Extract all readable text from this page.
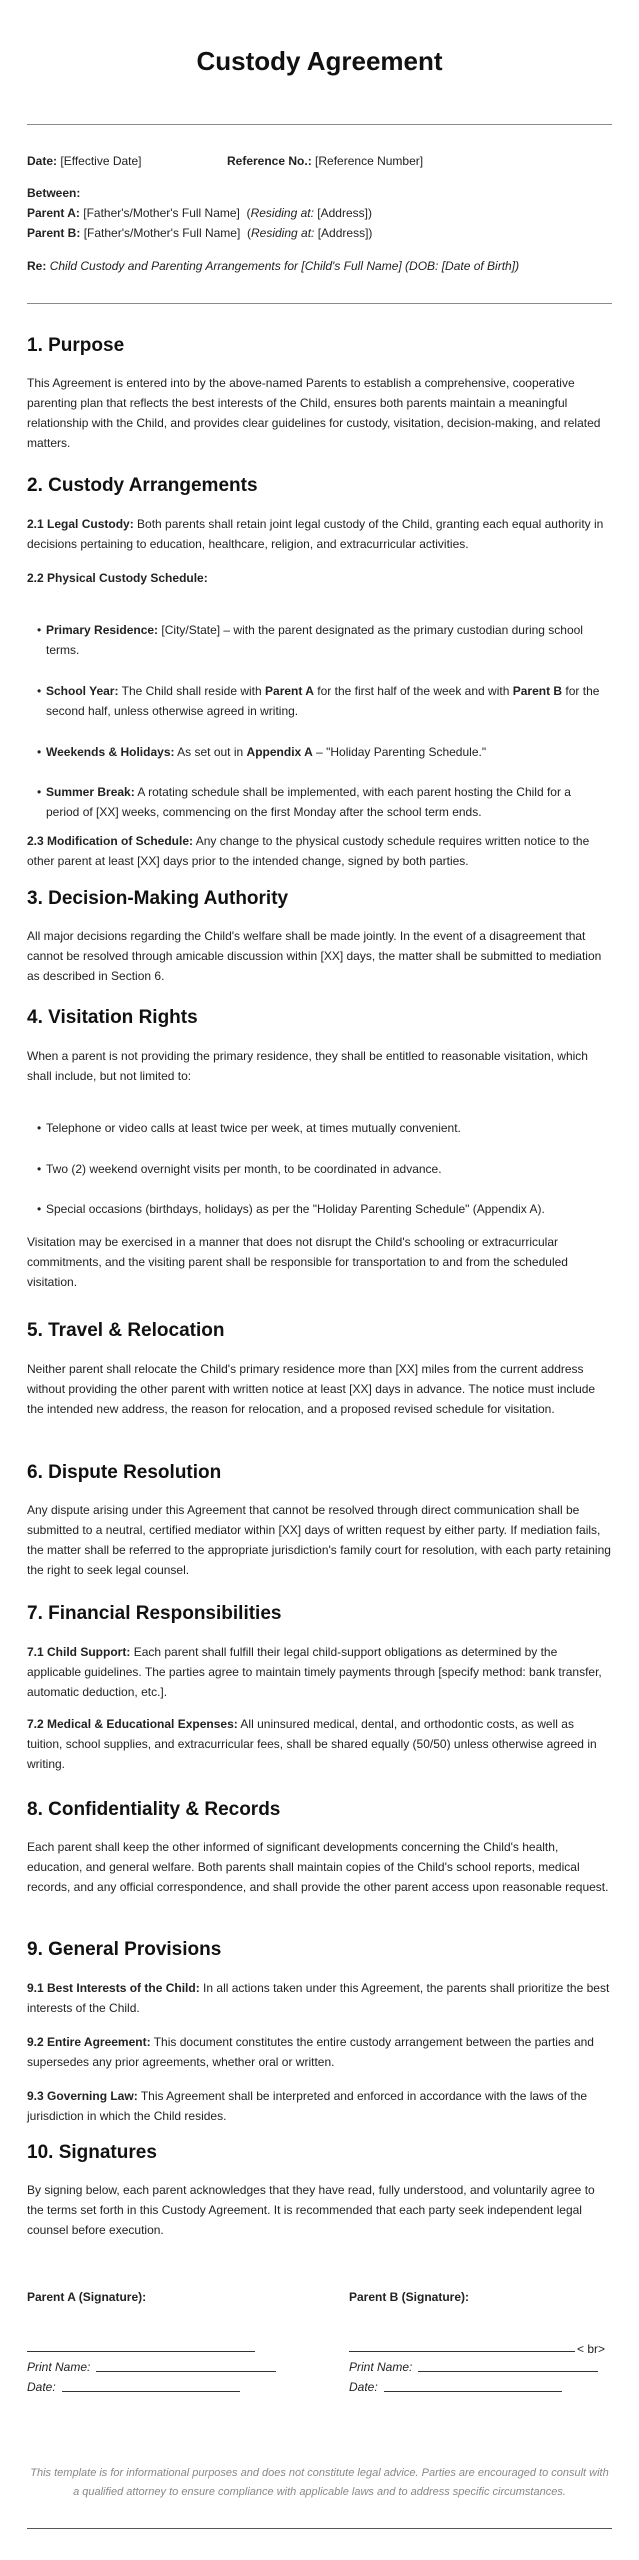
Custody Agreement
Date: [Effective Date]	Reference No.: [Reference Number]
Between:
Parent A: [Father's/Mother's Full Name]  (Residing at: [Address])
Parent B: [Father's/Mother's Full Name]  (Residing at: [Address])
Re: Child Custody and Parenting Arrangements for [Child's Full Name] (DOB: [Date of Birth])
1. Purpose
This Agreement is entered into by the above-named Parents to establish a comprehensive, cooperative parenting plan that reflects the best interests of the Child, ensures both parents maintain a meaningful relationship with the Child, and provides clear guidelines for custody, visitation, decision-making, and related matters.
2. Custody Arrangements
2.1 Legal Custody: Both parents shall retain joint legal custody of the Child, granting each equal authority in decisions pertaining to education, healthcare, religion, and extracurricular activities.
2.2 Physical Custody Schedule:
• Primary Residence: [City/State] – with the parent designated as the primary custodian during school terms.
• School Year: The Child shall reside with Parent A for the first half of the week and with Parent B for the second half, unless otherwise agreed in writing.
• Weekends & Holidays: As set out in Appendix A – "Holiday Parenting Schedule."
• Summer Break: A rotating schedule shall be implemented, with each parent hosting the Child for a period of [XX] weeks, commencing on the first Monday after the school term ends.
2.3 Modification of Schedule: Any change to the physical custody schedule requires written notice to the other parent at least [XX] days prior to the intended change, signed by both parties.
3. Decision-Making Authority
All major decisions regarding the Child's welfare shall be made jointly. In the event of a disagreement that cannot be resolved through amicable discussion within [XX] days, the matter shall be submitted to mediation as described in Section 6.
4. Visitation Rights
When a parent is not providing the primary residence, they shall be entitled to reasonable visitation, which shall include, but not limited to:
• Telephone or video calls at least twice per week, at times mutually convenient.
• Two (2) weekend overnight visits per month, to be coordinated in advance.
• Special occasions (birthdays, holidays) as per the "Holiday Parenting Schedule" (Appendix A).
Visitation may be exercised in a manner that does not disrupt the Child's schooling or extracurricular commitments, and the visiting parent shall be responsible for transportation to and from the scheduled visitation.
5. Travel & Relocation
Neither parent shall relocate the Child's primary residence more than [XX] miles from the current address without providing the other parent with written notice at least [XX] days in advance. The notice must include the intended new address, the reason for relocation, and a proposed revised schedule for visitation.
6. Dispute Resolution
Any dispute arising under this Agreement that cannot be resolved through direct communication shall be submitted to a neutral, certified mediator within [XX] days of written request by either party. If mediation fails, the matter shall be referred to the appropriate jurisdiction's family court for resolution, with each party retaining the right to seek legal counsel.
7. Financial Responsibilities
7.1 Child Support: Each parent shall fulfill their legal child-support obligations as determined by the applicable guidelines. The parties agree to maintain timely payments through [specify method: bank transfer, automatic deduction, etc.].
7.2 Medical & Educational Expenses: All uninsured medical, dental, and orthodontic costs, as well as tuition, school supplies, and extracurricular fees, shall be shared equally (50/50) unless otherwise agreed in writing.
8. Confidentiality & Records
Each parent shall keep the other informed of significant developments concerning the Child's health, education, and general welfare. Both parents shall maintain copies of the Child's school reports, medical records, and any official correspondence, and shall provide the other parent access upon reasonable request.
9. General Provisions
9.1 Best Interests of the Child: In all actions taken under this Agreement, the parents shall prioritize the best interests of the Child.
9.2 Entire Agreement: This document constitutes the entire custody arrangement between the parties and supersedes any prior agreements, whether oral or written.
9.3 Governing Law: This Agreement shall be interpreted and enforced in accordance with the laws of the jurisdiction in which the Child resides.
10. Signatures
By signing below, each parent acknowledges that they have read, fully understood, and voluntarily agree to the terms set forth in this Custody Agreement. It is recommended that each party seek independent legal counsel before execution.
Parent A (Signature):	Parent B (Signature):
< br>
Print Name:	Print Name:
Date:	Date:
This template is for informational purposes and does not constitute legal advice. Parties are encouraged to consult with a qualified attorney to ensure compliance with applicable laws and to address specific circumstances.
